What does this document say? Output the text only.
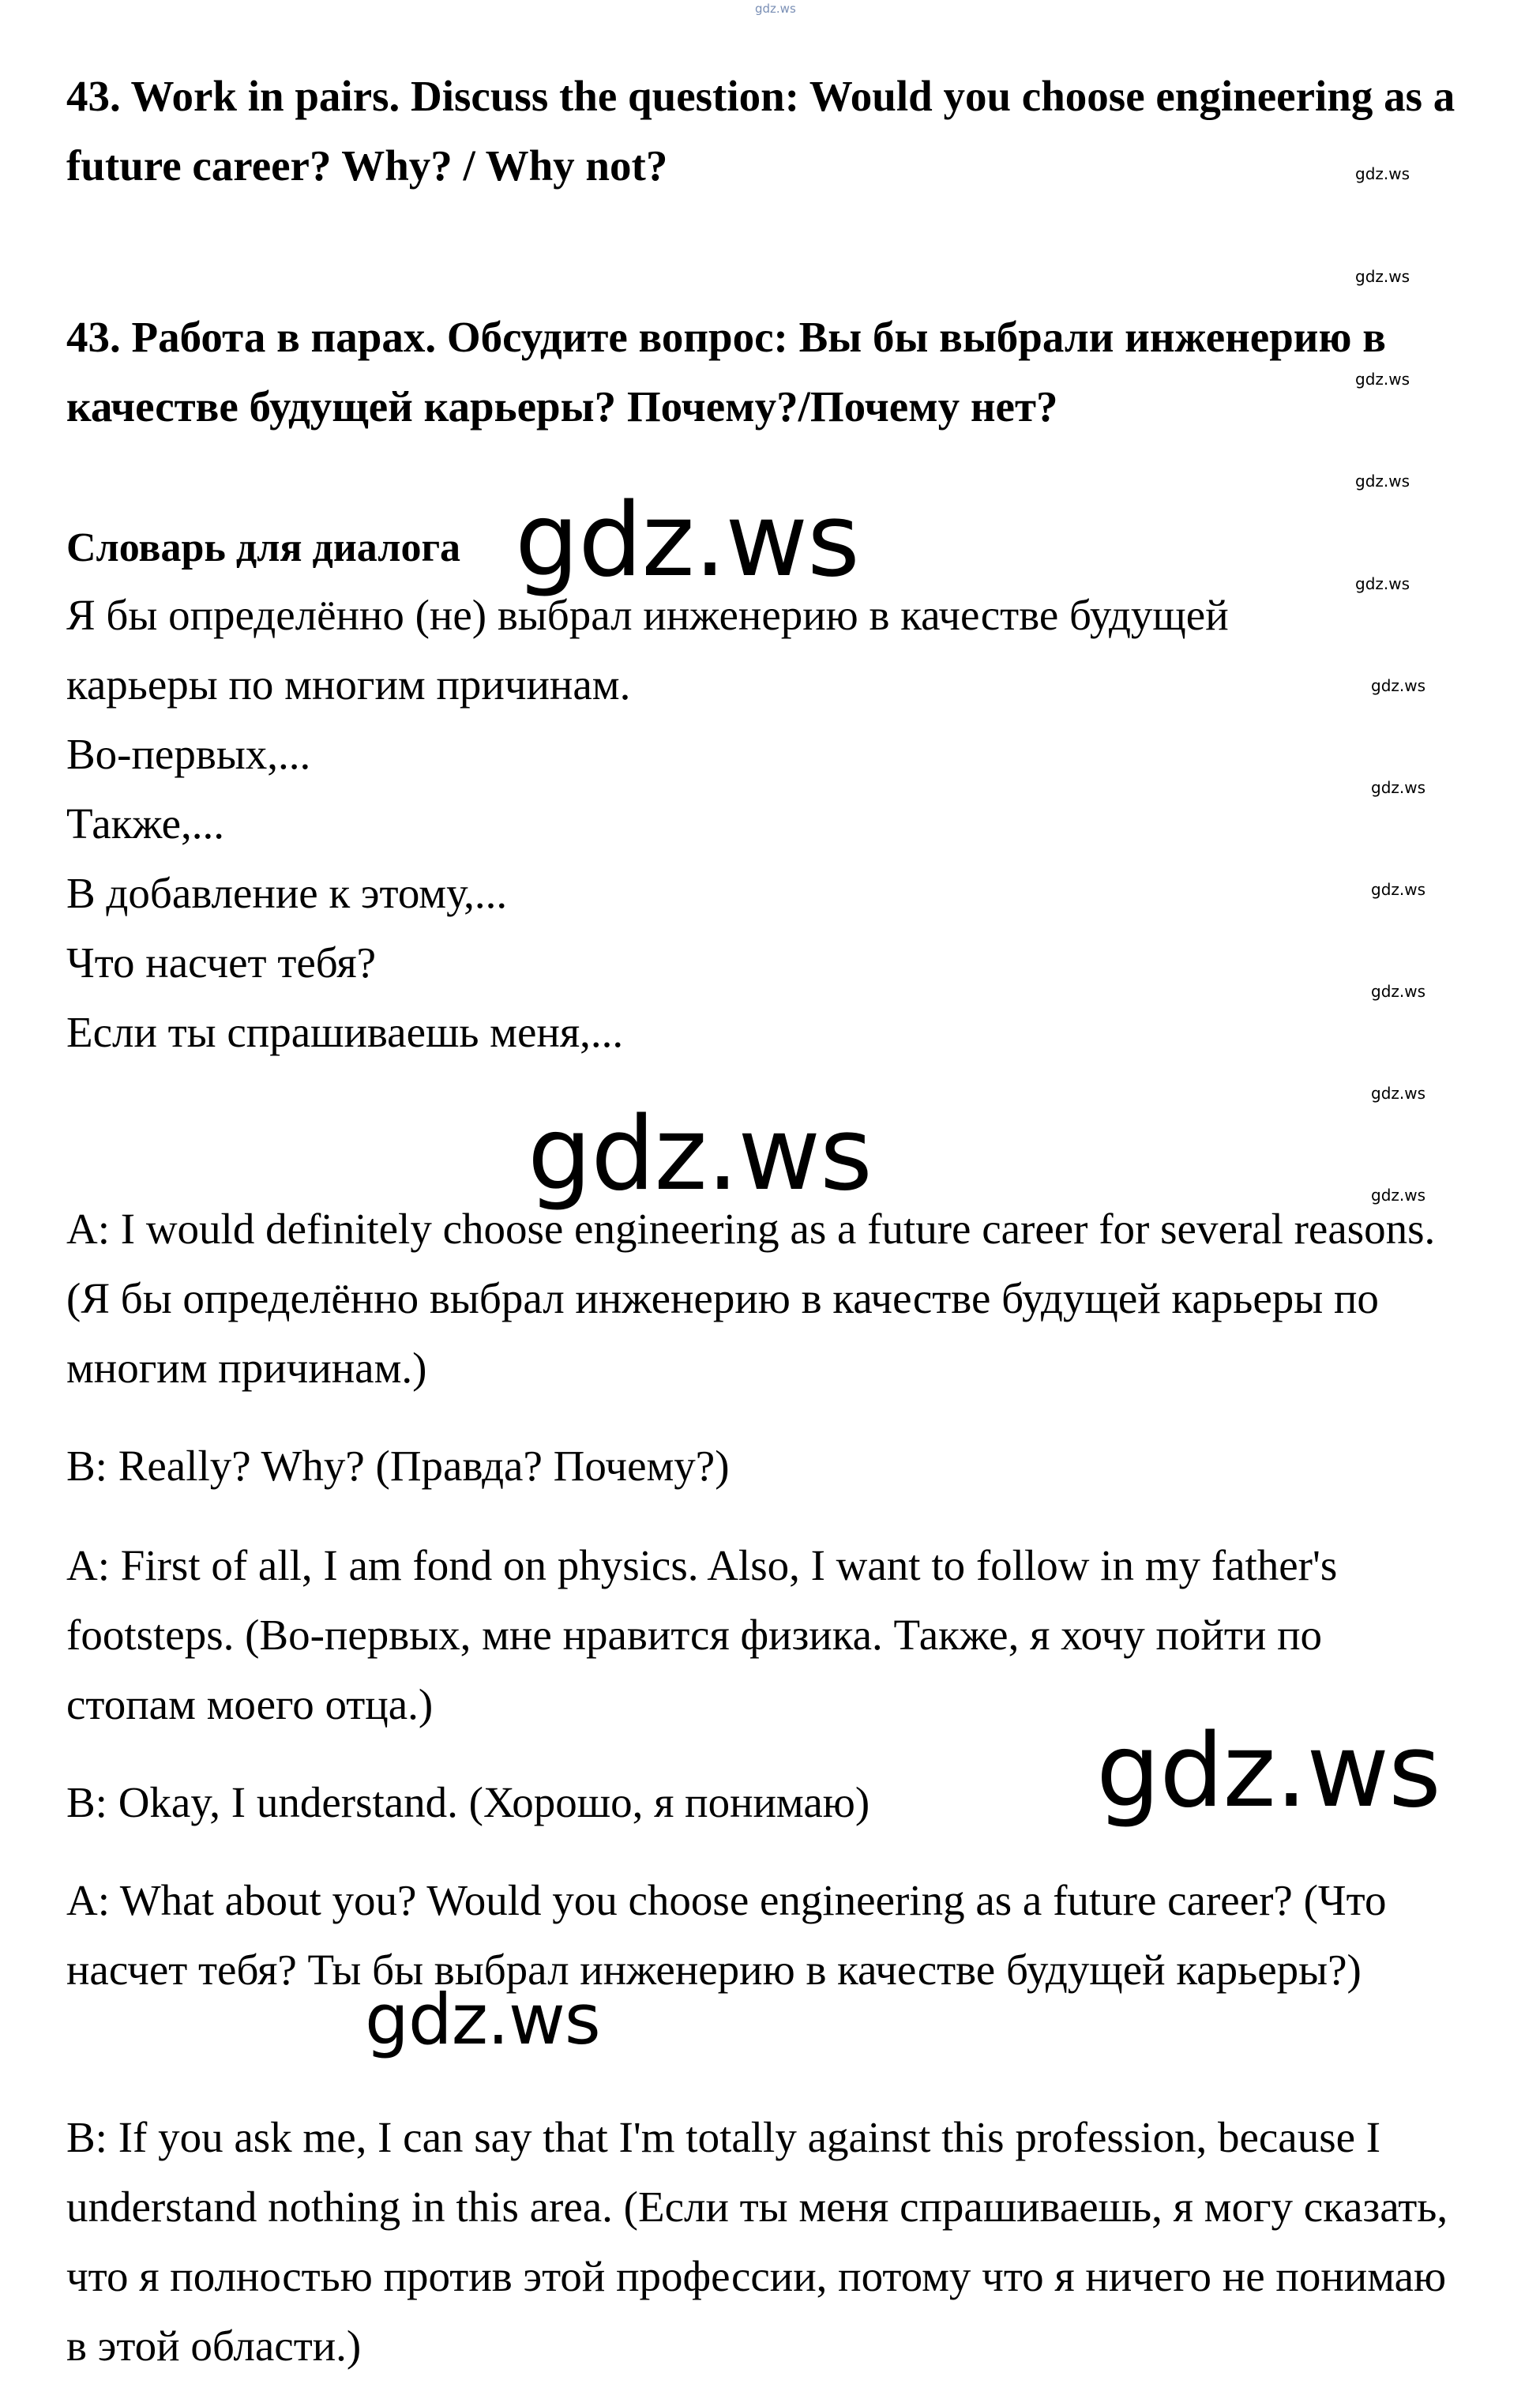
gdz.ws
43. Work in pairs. Discuss the question: Would you choose engineering as a future career? Why? / Why not?
43. Работа в парах. Обсудите вопрос: Вы бы выбрали инженерию в качестве будущей карьеры? Почему?/Почему нет?
Словарь для диалога
Я бы определённо (не) выбрал инженерию в качестве будущей карьеры по многим причинам.
Во-первых,...
Также,...
В добавление к этому,...
Что насчет тебя?
Если ты спрашиваешь меня,...
A: I would definitely choose engineering as a future career for several reasons. (Я бы определённо выбрал инженерию в качестве будущей карьеры по многим причинам.)
B: Really? Why? (Правда? Почему?)
A: First of all, I am fond on physics. Also, I want to follow in my father's footsteps. (Во-первых, мне нравится физика. Также, я хочу пойти по стопам моего отца.)
B: Okay, I understand. (Хорошо, я понимаю)
A: What about you? Would you choose engineering as a future career? (Что насчет тебя? Ты бы выбрал инженерию в качестве будущей карьеры?)
B: If you ask me, I can say that I'm totally against this profession, because I understand nothing in this area. (Если ты меня спрашиваешь, я могу сказать, что я полностью против этой профессии, потому что я ничего не понимаю в этой области.)
gdz.ws
gdz.ws
gdz.ws
gdz.ws
gdz.ws
gdz.ws
gdz.ws
gdz.ws
gdz.ws
gdz.ws
gdz.ws
gdz.ws
gdz.ws
gdz.ws
gdz.ws
